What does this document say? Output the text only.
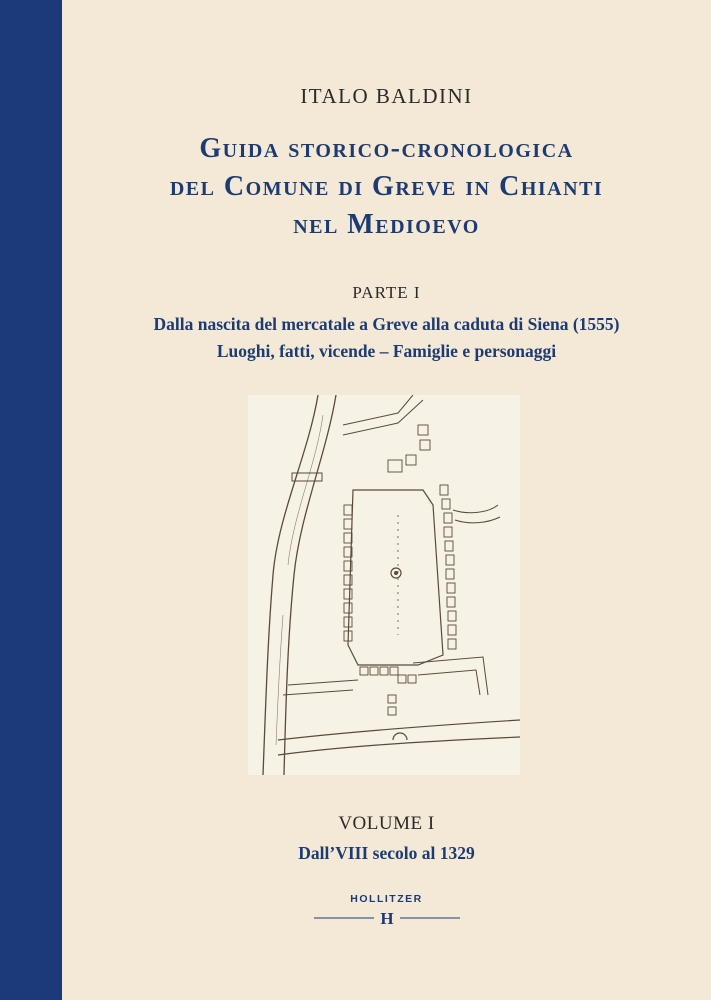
ITALO BALDINI

Guida storico-cronologica
del Comune di Greve in Chianti
nel Medioevo

PARTE I

Dalla nascita del mercatale a Greve alla caduta di Siena (1555)
Luoghi, fatti, vicende – Famiglie e personaggi

VOLUME I

Dall’VIII secolo al 1329

HOLLITZER

H
